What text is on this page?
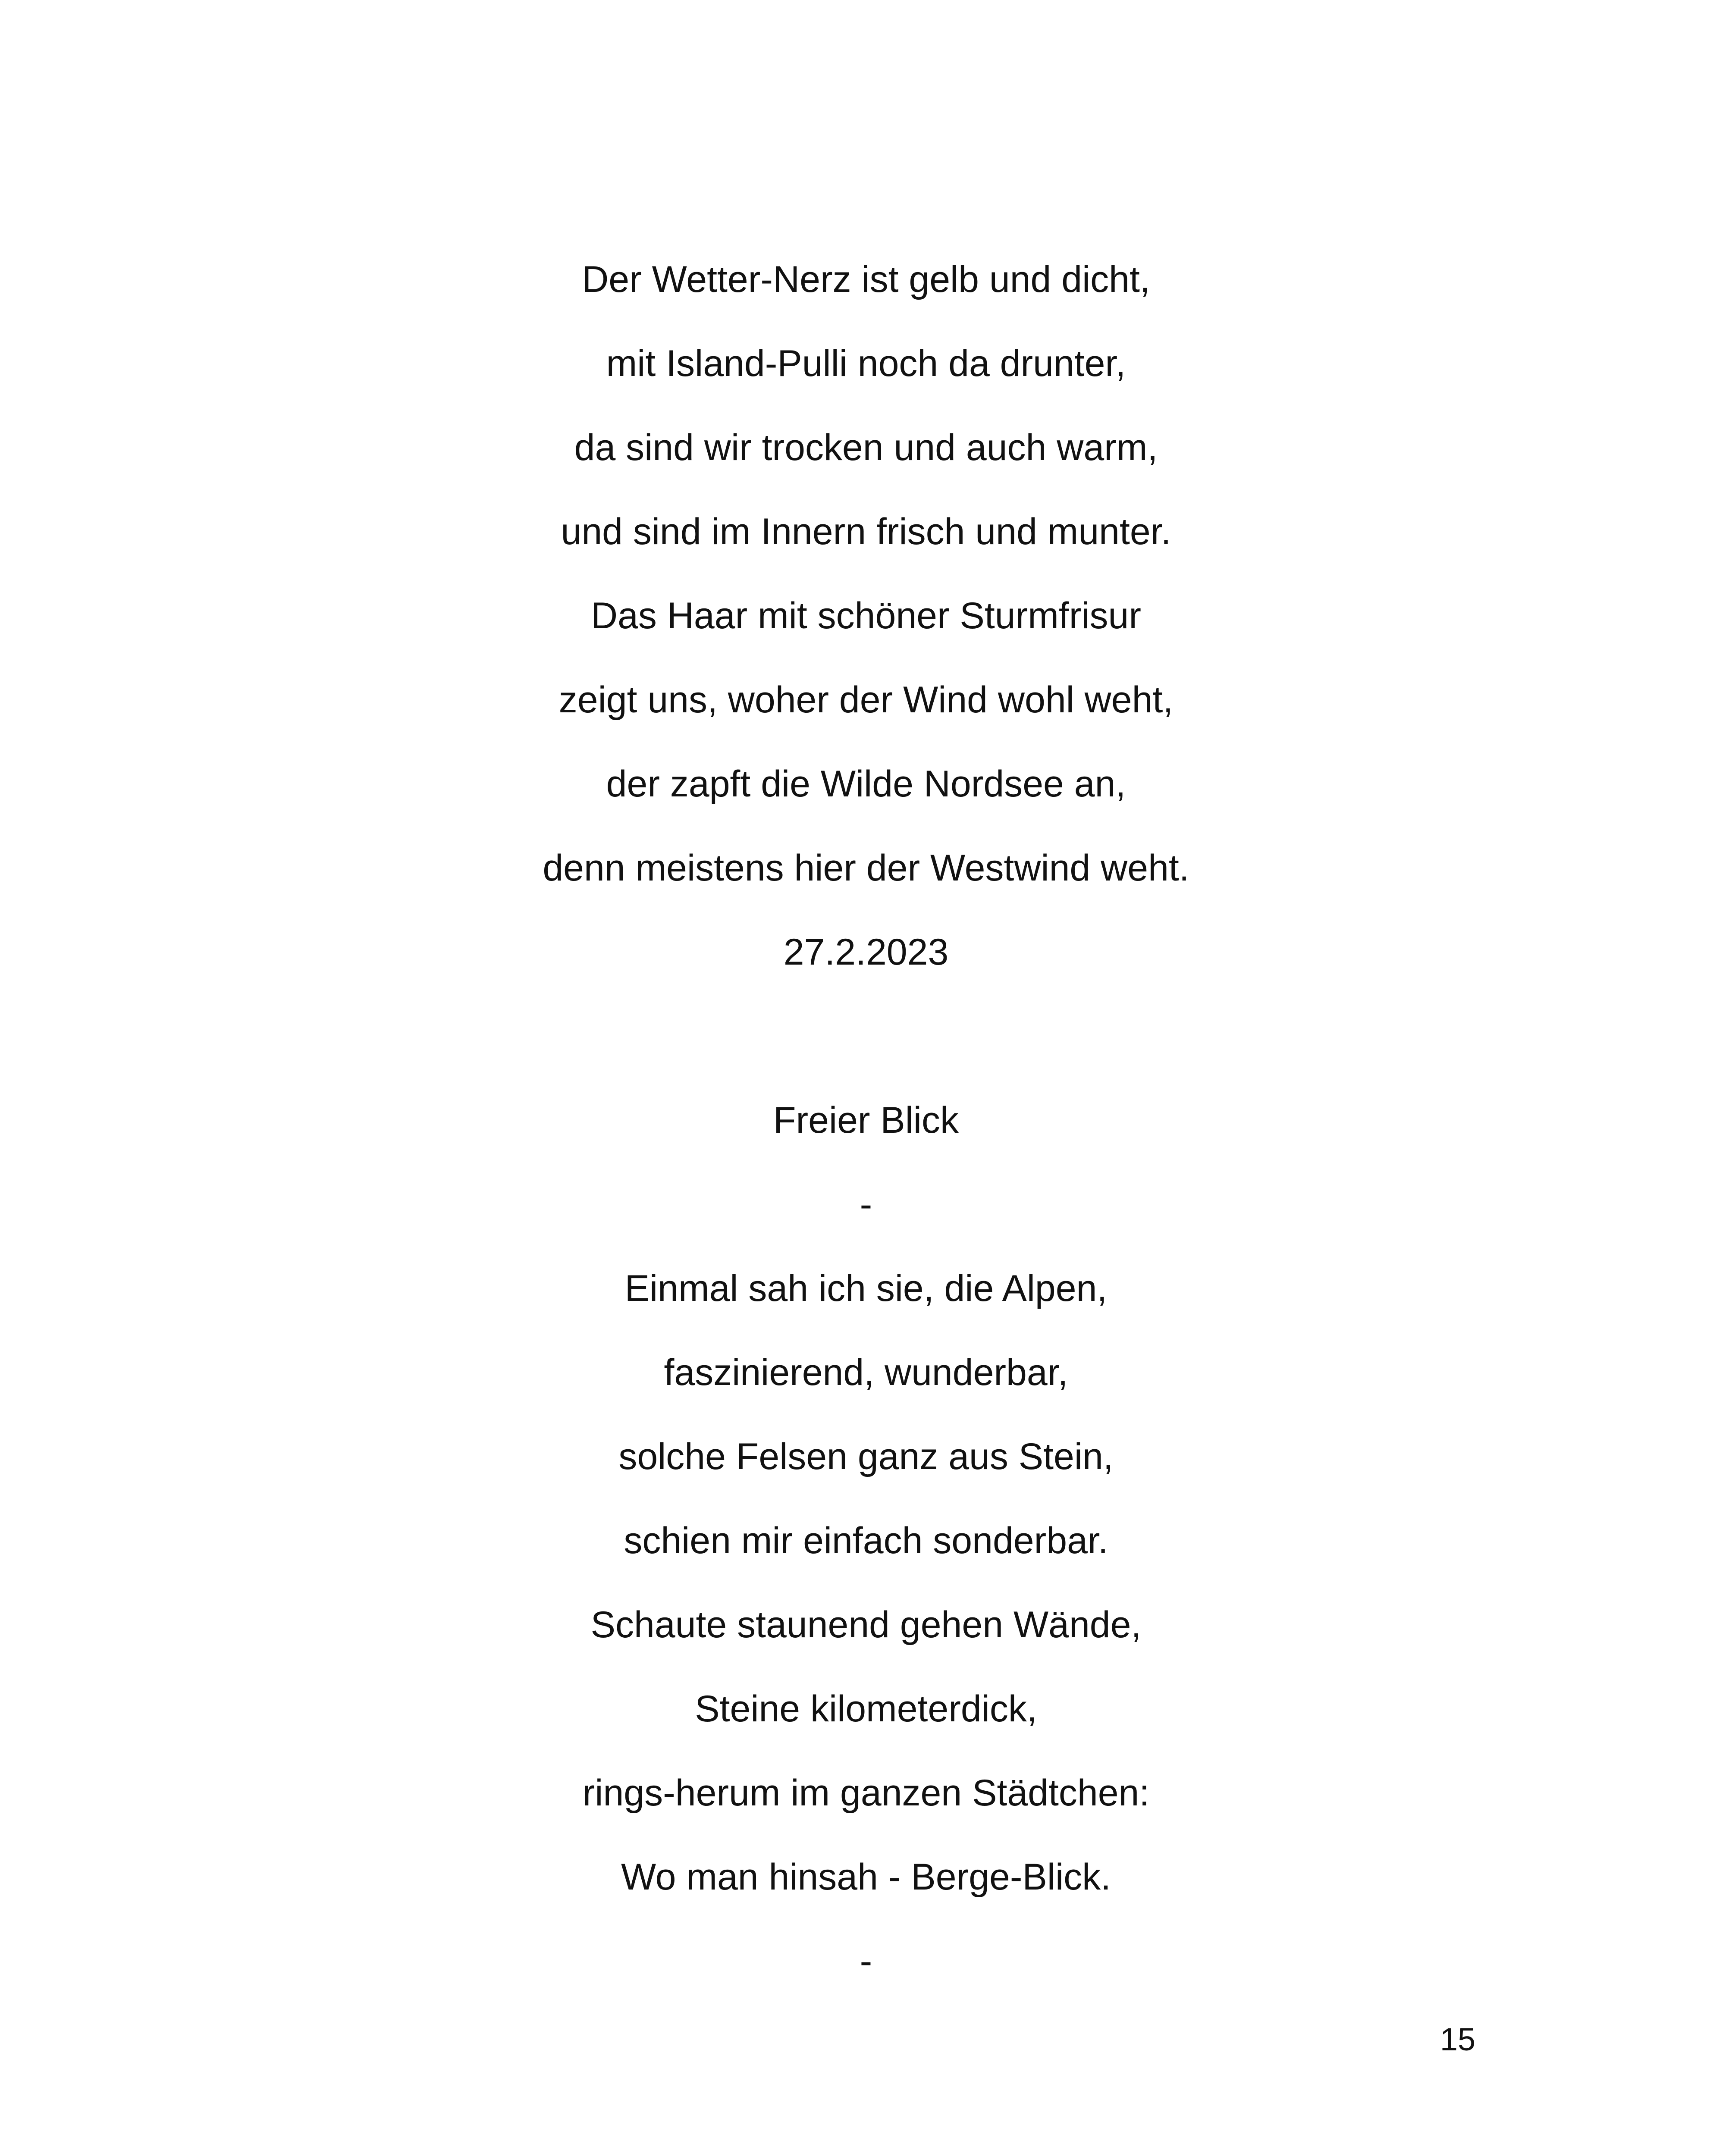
Der Wetter-Nerz ist gelb und dicht,
mit Island-Pulli noch da drunter,
da sind wir trocken und auch warm,
und sind im Innern frisch und munter.
Das Haar mit schöner Sturmfrisur
zeigt uns, woher der Wind wohl weht,
der zapft die Wilde Nordsee an,
denn meistens hier der Westwind weht.
27.2.2023
Freier Blick
-
Einmal sah ich sie, die Alpen,
faszinierend, wunderbar,
solche Felsen ganz aus Stein,
schien mir einfach sonderbar.
Schaute staunend gehen Wände,
Steine kilometerdick,
rings-herum im ganzen Städtchen:
Wo man hinsah - Berge-Blick.
-
15
